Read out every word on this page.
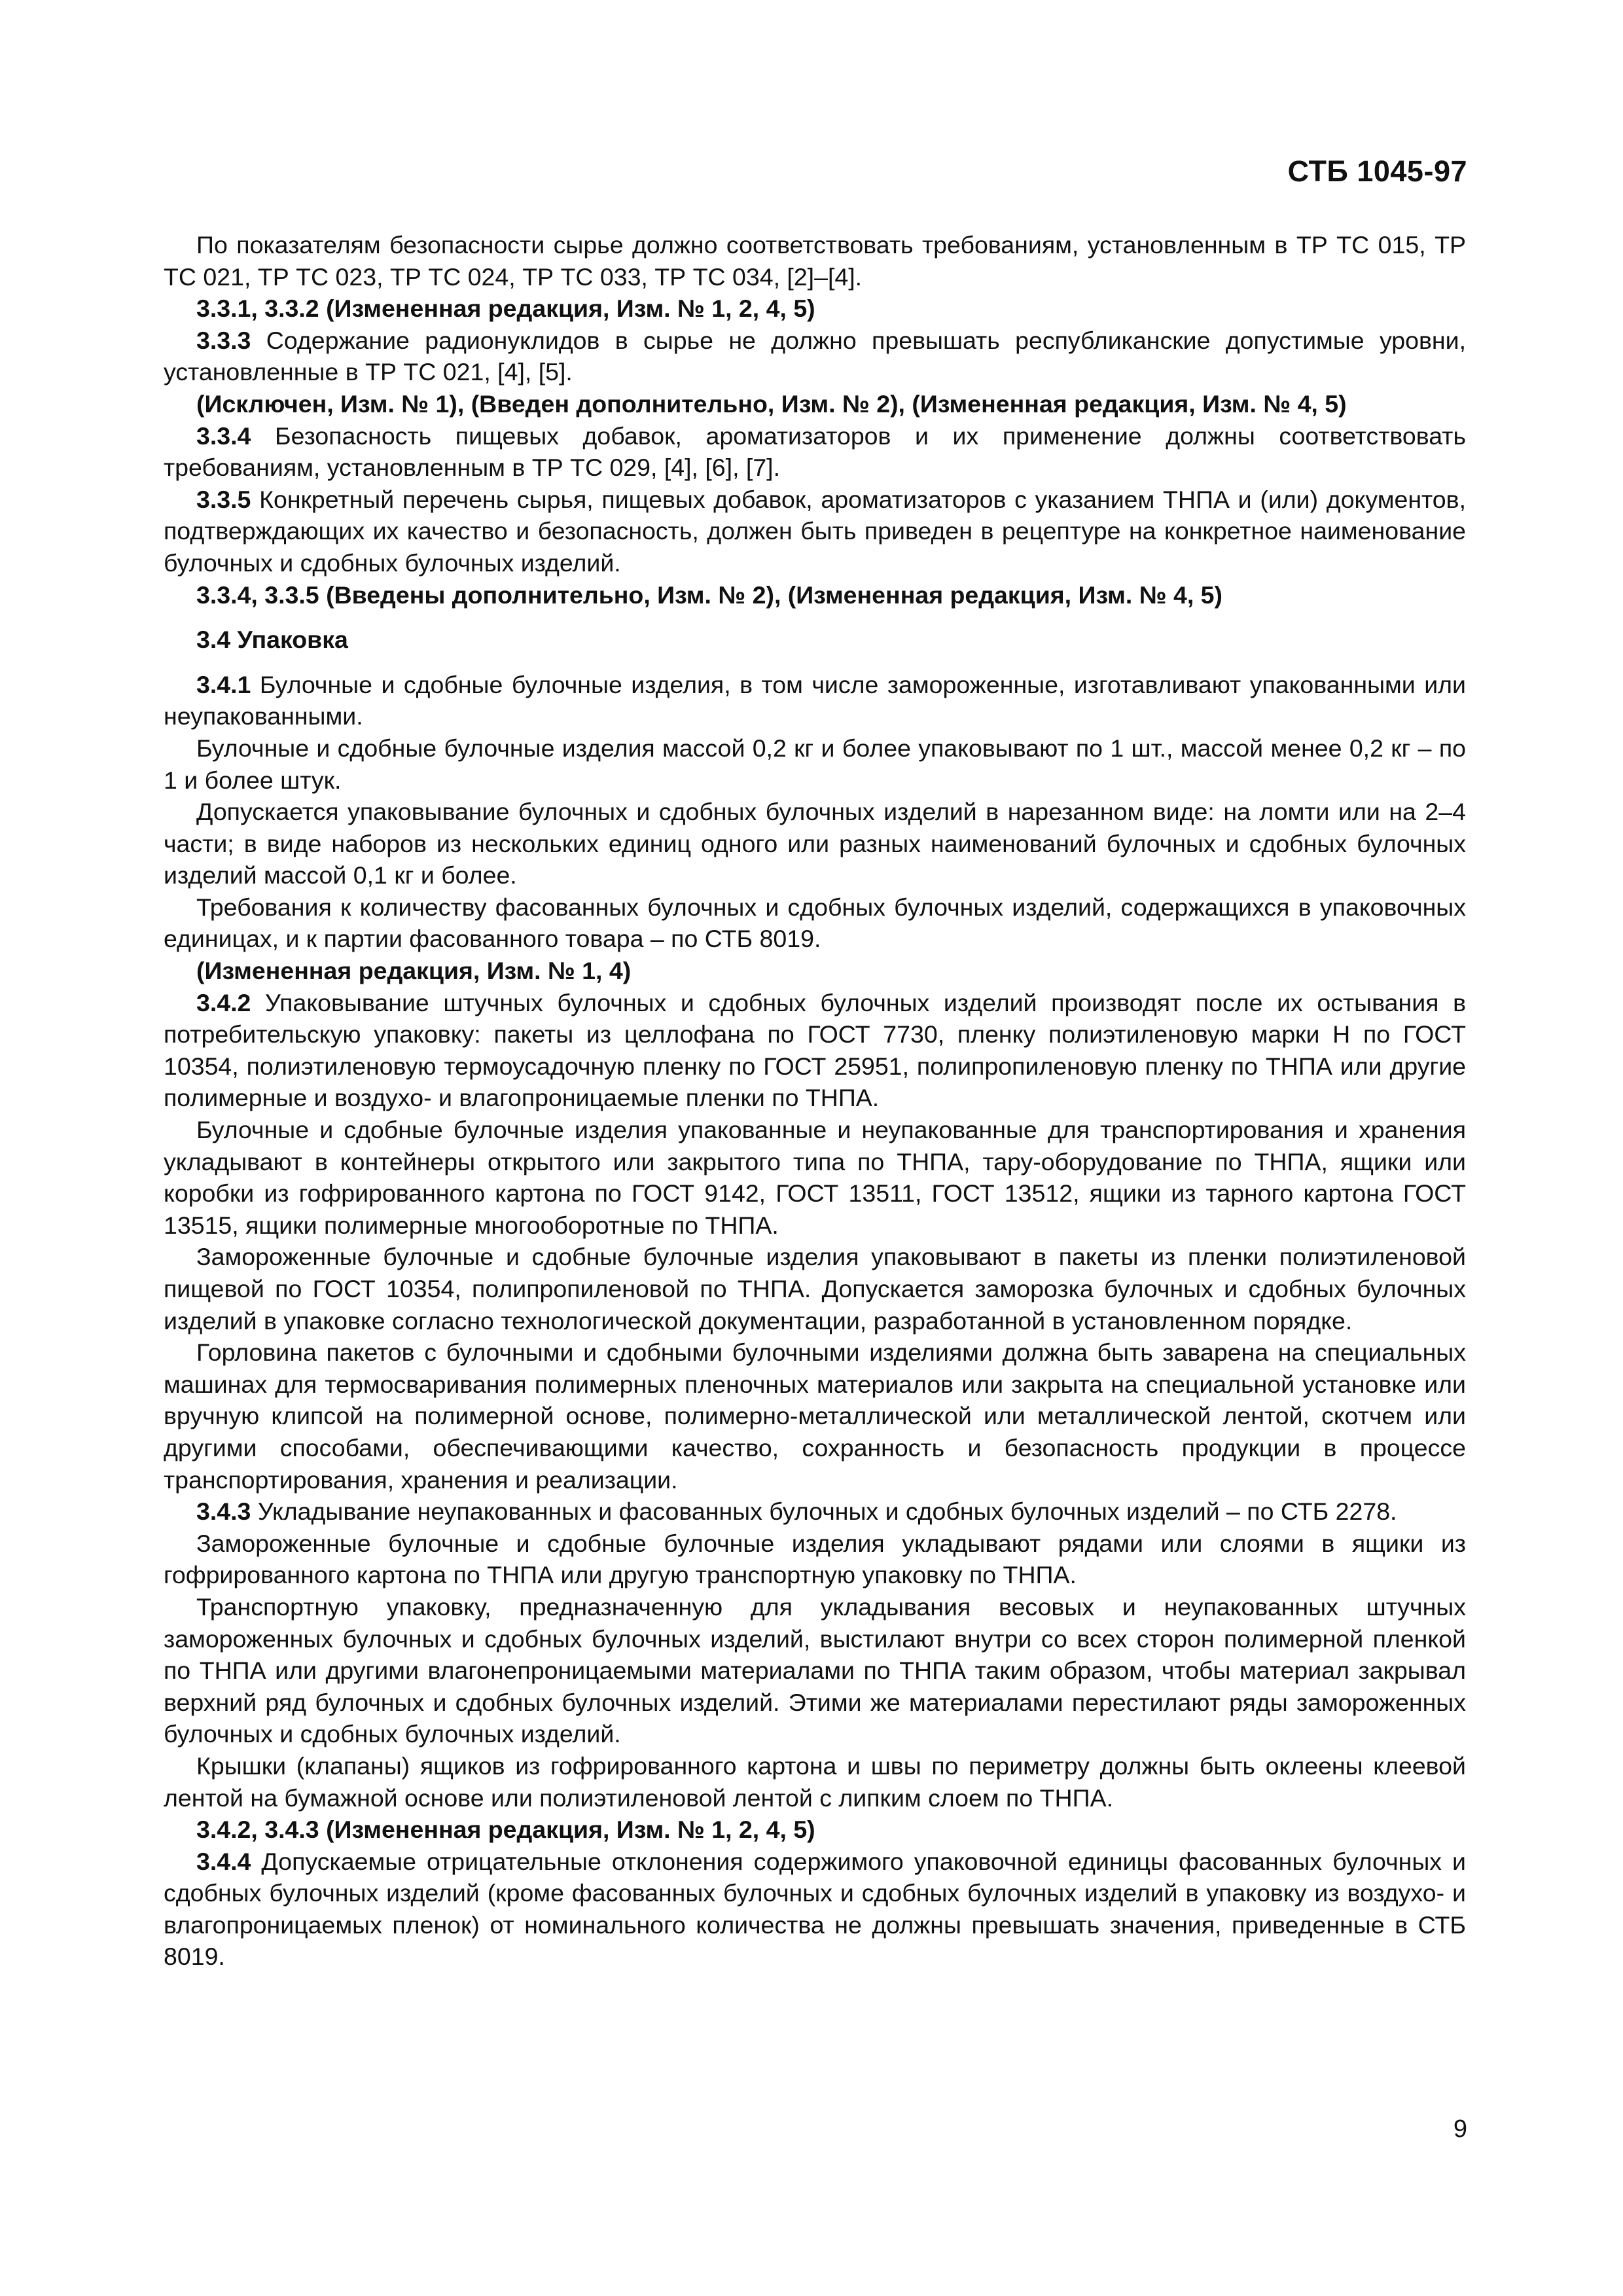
СТБ 1045-97

По показателям безопасности сырье должно соответствовать требованиям, установленным в ТР ТС 015, ТР ТС 021, ТР ТС 023, ТР ТС 024, ТР ТС 033, ТР ТС 034, [2]–[4].

3.3.1, 3.3.2 (Измененная редакция, Изм. № 1, 2, 4, 5)

3.3.3 Содержание радионуклидов в сырье не должно превышать республиканские допустимые уровни, установленные в ТР ТС 021, [4], [5].

(Исключен, Изм. № 1), (Введен дополнительно, Изм. № 2), (Измененная редакция, Изм. № 4, 5)

3.3.4 Безопасность пищевых добавок, ароматизаторов и их применение должны соответствовать требованиям, установленным в ТР ТС 029, [4], [6], [7].

3.3.5 Конкретный перечень сырья, пищевых добавок, ароматизаторов с указанием ТНПА и (или) документов, подтверждающих их качество и безопасность, должен быть приведен в рецептуре на конкретное наименование булочных и сдобных булочных изделий.

3.3.4, 3.3.5 (Введены дополнительно, Изм. № 2), (Измененная редакция, Изм. № 4, 5)

3.4 Упаковка

3.4.1 Булочные и сдобные булочные изделия, в том числе замороженные, изготавливают упакованными или неупакованными.

Булочные и сдобные булочные изделия массой 0,2 кг и более упаковывают по 1 шт., массой менее 0,2 кг – по 1 и более штук.

Допускается упаковывание булочных и сдобных булочных изделий в нарезанном виде: на ломти или на 2–4 части; в виде наборов из нескольких единиц одного или разных наименований булочных и сдобных булочных изделий массой 0,1 кг и более.

Требования к количеству фасованных булочных и сдобных булочных изделий, содержащихся в упаковочных единицах, и к партии фасованного товара – по СТБ 8019.

(Измененная редакция, Изм. № 1, 4)

3.4.2 Упаковывание штучных булочных и сдобных булочных изделий производят после их остывания в потребительскую упаковку: пакеты из целлофана по ГОСТ 7730, пленку полиэтиленовую марки Н по ГОСТ 10354, полиэтиленовую термоусадочную пленку по ГОСТ 25951, полипропиленовую пленку по ТНПА или другие полимерные и воздухо- и влагопроницаемые пленки по ТНПА.

Булочные и сдобные булочные изделия упакованные и неупакованные для транспортирования и хранения укладывают в контейнеры открытого или закрытого типа по ТНПА, тару-оборудование по ТНПА, ящики или коробки из гофрированного картона по ГОСТ 9142, ГОСТ 13511, ГОСТ 13512, ящики из тарного картона ГОСТ 13515, ящики полимерные многооборотные по ТНПА.

Замороженные булочные и сдобные булочные изделия упаковывают в пакеты из пленки полиэтиленовой пищевой по ГОСТ 10354, полипропиленовой по ТНПА. Допускается заморозка булочных и сдобных булочных изделий в упаковке согласно технологической документации, разработанной в установленном порядке.

Горловина пакетов с булочными и сдобными булочными изделиями должна быть заварена на специальных машинах для термосваривания полимерных пленочных материалов или закрыта на специальной установке или вручную клипсой на полимерной основе, полимерно-металлической или металлической лентой, скотчем или другими способами, обеспечивающими качество, сохранность и безопасность продукции в процессе транспортирования, хранения и реализации.

3.4.3 Укладывание неупакованных и фасованных булочных и сдобных булочных изделий – по СТБ 2278.

Замороженные булочные и сдобные булочные изделия укладывают рядами или слоями в ящики из гофрированного картона по ТНПА или другую транспортную упаковку по ТНПА.

Транспортную упаковку, предназначенную для укладывания весовых и неупакованных штучных замороженных булочных и сдобных булочных изделий, выстилают внутри со всех сторон полимерной пленкой по ТНПА или другими влагонепроницаемыми материалами по ТНПА таким образом, чтобы материал закрывал верхний ряд булочных и сдобных булочных изделий. Этими же материалами перестилают ряды замороженных булочных и сдобных булочных изделий.

Крышки (клапаны) ящиков из гофрированного картона и швы по периметру должны быть оклеены клеевой лентой на бумажной основе или полиэтиленовой лентой с липким слоем по ТНПА.

3.4.2, 3.4.3 (Измененная редакция, Изм. № 1, 2, 4, 5)

3.4.4 Допускаемые отрицательные отклонения содержимого упаковочной единицы фасованных булочных и сдобных булочных изделий (кроме фасованных булочных и сдобных булочных изделий в упаковку из воздухо- и влагопроницаемых пленок) от номинального количества не должны превышать значения, приведенные в СТБ 8019.

9
